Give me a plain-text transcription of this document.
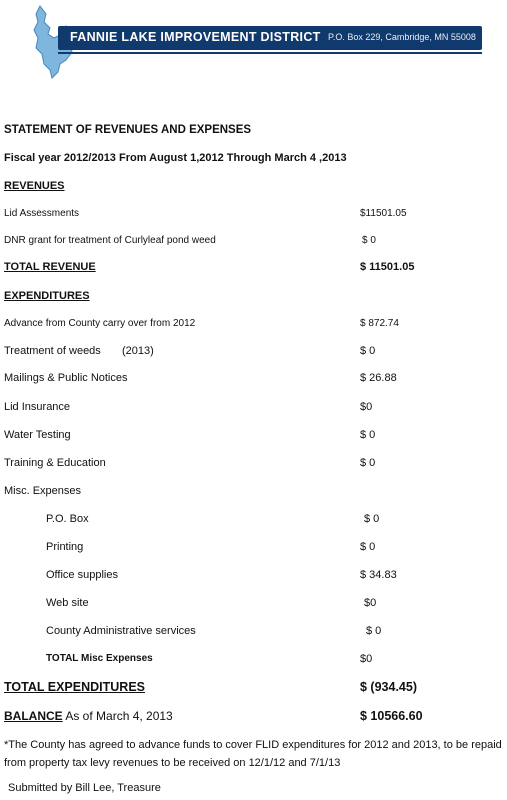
FANNIE LAKE IMPROVEMENT DISTRICT P.O. Box 229, Cambridge, MN 55008
STATEMENT OF REVENUES AND EXPENSES
Fiscal year 2012/2013 From August 1,2012 Through March 4 ,2013
REVENUES
Lid Assessments	$11501.05
DNR grant for treatment of Curlyleaf pond weed	$ 0
TOTAL REVENUE	$ 11501.05
EXPENDITURES
Advance from County carry over from 2012	$ 872.74
Treatment of weeds (2013)	$ 0
Mailings & Public Notices	$ 26.88
Lid Insurance	$0
Water Testing	$ 0
Training & Education	$ 0
Misc. Expenses
P.O. Box	$ 0
Printing	$ 0
Office supplies	$ 34.83
Web site	$0
County Administrative services	$ 0
TOTAL Misc Expenses	$0
TOTAL EXPENDITURES	$ (934.45)
BALANCE As of March 4, 2013	$ 10566.60
*The County has agreed to advance funds to cover FLID expenditures for 2012 and 2013, to be repaid from property tax levy revenues to be received on 12/1/12 and 7/1/13
Submitted by Bill Lee, Treasure
